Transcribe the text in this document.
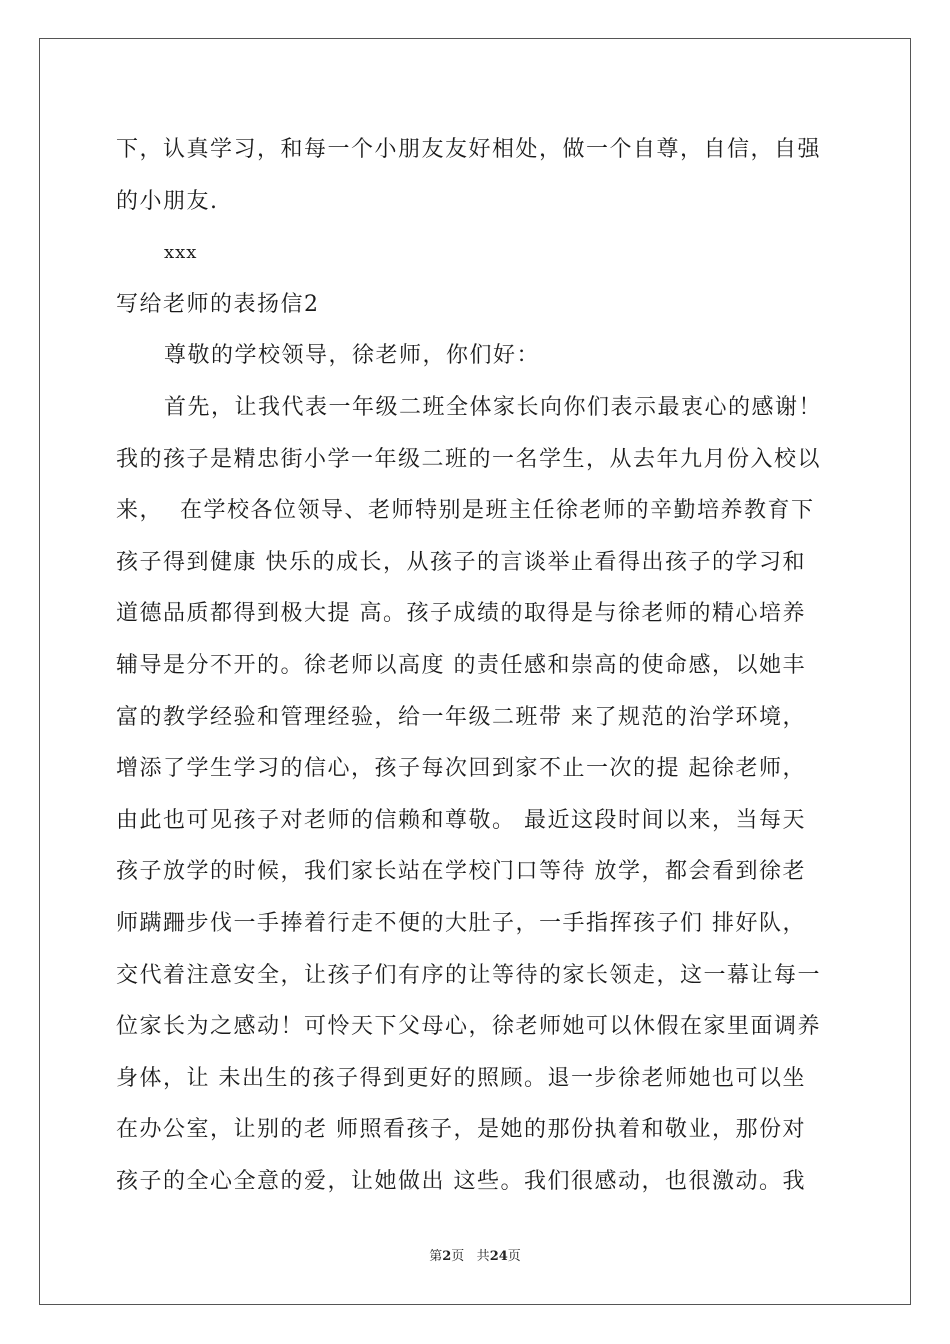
下，认真学习，和每一个小朋友友好相处，做一个自尊，自信，自强
的小朋友.
xxx
写给老师的表扬信2
尊敬的学校领导，徐老师，你们好：
首先，让我代表一年级二班全体家长向你们表示最衷心的感谢！
我的孩子是精忠街小学一年级二班的一名学生，从去年九月份入校以
来，  在学校各位领导、老师特别是班主任徐老师的辛勤培养教育下
孩子得到健康 快乐的成长，从孩子的言谈举止看得出孩子的学习和
道德品质都得到极大提 高。孩子成绩的取得是与徐老师的精心培养
辅导是分不开的。徐老师以高度 的责任感和崇高的使命感，以她丰
富的教学经验和管理经验，给一年级二班带 来了规范的治学环境，
增添了学生学习的信心，孩子每次回到家不止一次的提 起徐老师，
由此也可见孩子对老师的信赖和尊敬。 最近这段时间以来，当每天
孩子放学的时候，我们家长站在学校门口等待 放学，都会看到徐老
师蹒跚步伐一手捧着行走不便的大肚子，一手指挥孩子们 排好队，
交代着注意安全，让孩子们有序的让等待的家长领走，这一幕让每一
位家长为之感动！可怜天下父母心，徐老师她可以休假在家里面调养
身体，让 未出生的孩子得到更好的照顾。退一步徐老师她也可以坐
在办公室，让别的老 师照看孩子，是她的那份执着和敬业，那份对
孩子的全心全意的爱，让她做出 这些。我们很感动，也很激动。我
第2页 共24页
